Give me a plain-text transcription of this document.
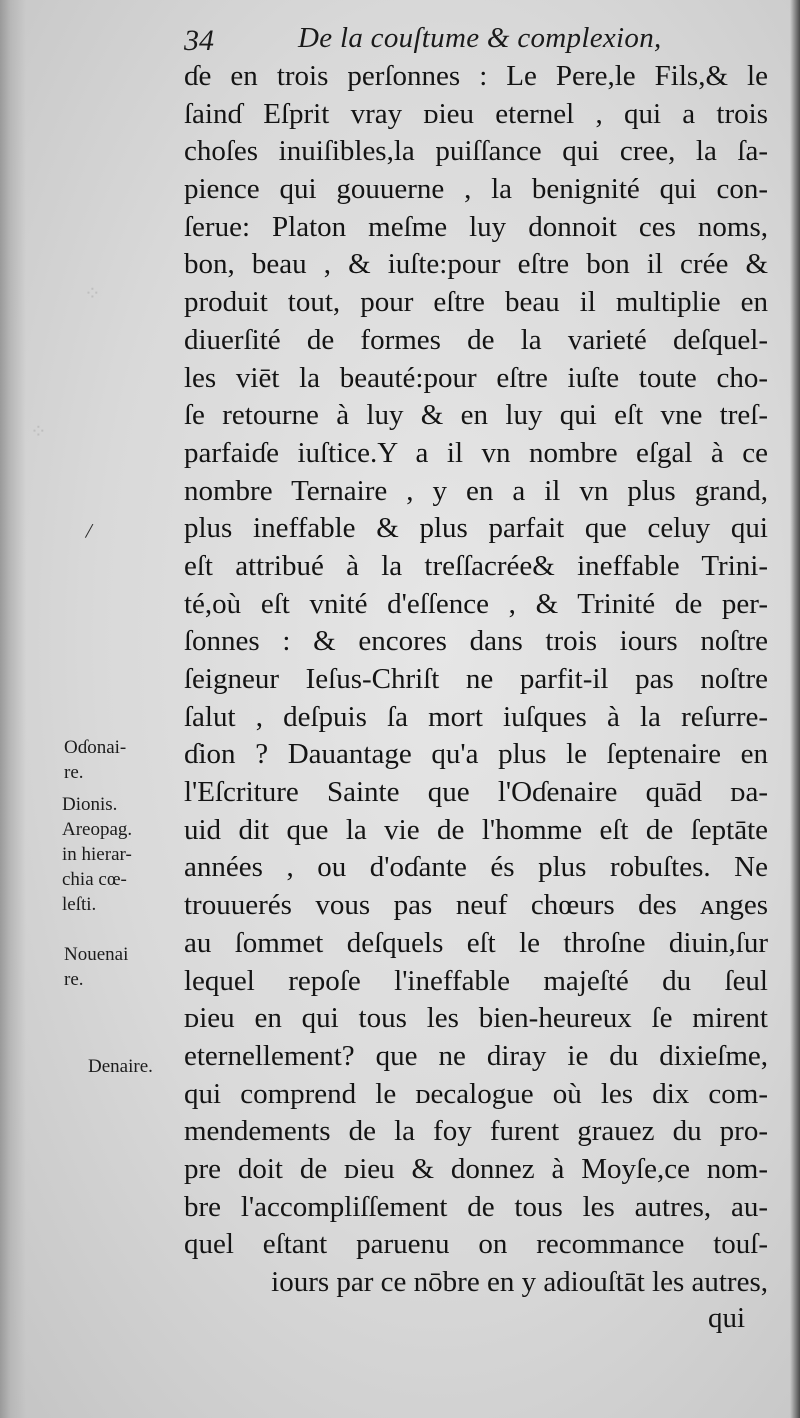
⁘
⁘
34	De la couſtume & complexion,
ɗe en trois perſonnes : Le Pere,le Fils,& le
ſainɗ Eſprit vray ᴅieu eternel , qui a trois
choſes inuiſibles,la puiſſance qui cree, la ſa-
pience qui gouuerne , la benignité qui con-
ſerue: Platon meſme luy donnoit ces noms,
bon, beau , & iuſte:pour eſtre bon il crée &
produit tout, pour eſtre beau il multiplie en
diuerſité de formes de la varieté deſquel-
les viēt la beauté:pour eſtre iuſte toute cho-
ſe retourne à luy & en luy qui eſt vne treſ-
parfaiɗe iuſtice.Y a il vn nombre eſgal à ce
nombre Ternaire , y en a il vn plus grand,
plus ineffable & plus parfait que celuy qui
eſt attribué à la treſſacrée& ineffable Trini-
té,où eſt vnité d'eſſence , & Trinité de per-
ſonnes : & encores dans trois iours noſtre
ſeigneur Ieſus-Chriſt ne parfit-il pas noſtre
ſalut , deſpuis ſa mort iuſques à la reſurre-
ɗion ? Dauantage qu'a plus le ſeptenaire en
l'Eſcriture Sainte que l'Oɗenaire quād ᴅa-
uid dit que la vie de l'homme eſt de ſeptāte
années , ou d'oɗante és plus robuſtes. Ne
trouuerés vous pas neuf chœurs des ᴀnges
au ſommet deſquels eſt le throſne diuin,ſur
lequel repoſe l'ineffable majeſté du ſeul
ᴅieu en qui tous les bien-heureux ſe mirent
eternellement? que ne diray ie du dixieſme,
qui comprend le ᴅecalogue où les dix com-
mendements de la foy furent grauez du pro-
pre doit de ᴅieu & donnez à Moyſe,ce nom-
bre l'accompliſſement de tous les autres, au-
quel eſtant paruenu on recommance touſ-
iours par ce nōbre en y adiouſtāt les autres,
Oɗonai-
re.
Dionis.
Areopag.
in hierar-
chia cœ-
leſti.
Nouenai
re.
Denaire.
/
qui
